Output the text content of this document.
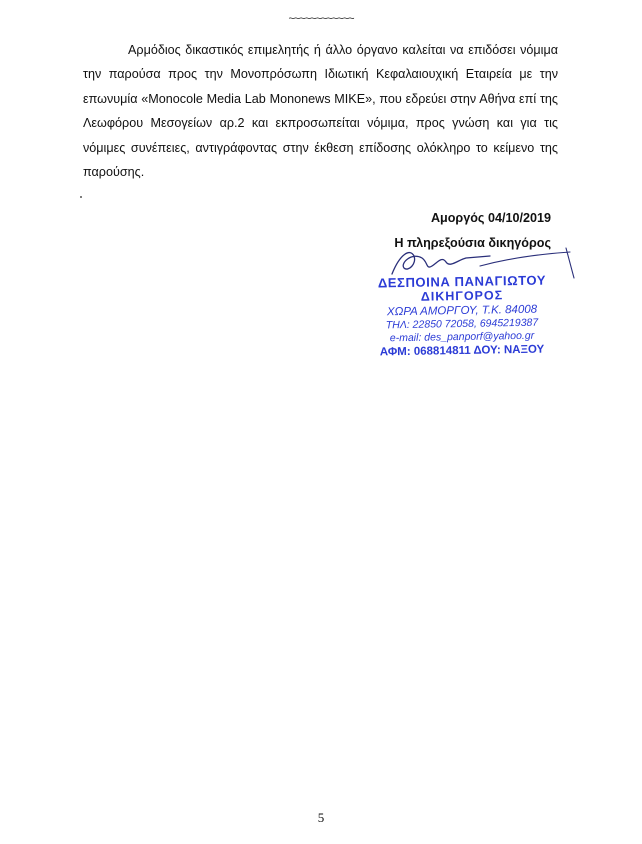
~~~~~~~~~~~~

Αρμόδιος δικαστικός επιμελητής ή άλλο όργανο καλείται να επιδόσει νόμιμα την παρούσα προς την Μονοπρόσωπη Ιδιωτική Κεφαλαιουχική Εταιρεία με την επωνυμία «Monocole Media Lab Mononews ΜΙΚΕ», που εδρεύει στην Αθήνα επί της Λεωφόρου Μεσογείων αρ.2 και εκπροσωπείται νόμιμα, προς γνώση και για τις νόμιμες συνέπειες, αντιγράφοντας στην έκθεση επίδοσης ολόκληρο το κείμενο της παρούσης.

Αμοργός 04/10/2019
Η πληρεξούσια δικηγόρος
ΔΕΣΠΟΙΝΑ ΠΑΝΑΓΙΩΤΟΥ
ΔΙΚΗΓΟΡΟΣ
ΧΩΡΑ ΑΜΟΡΓΟΥ, Τ.Κ. 84008
ΤΗΛ: 22850 72058, 6945219387
e-mail: des_panporf@yahoo.gr
ΑΦΜ: 068814811 ΔΟΥ: ΝΑΞΟΥ
5
